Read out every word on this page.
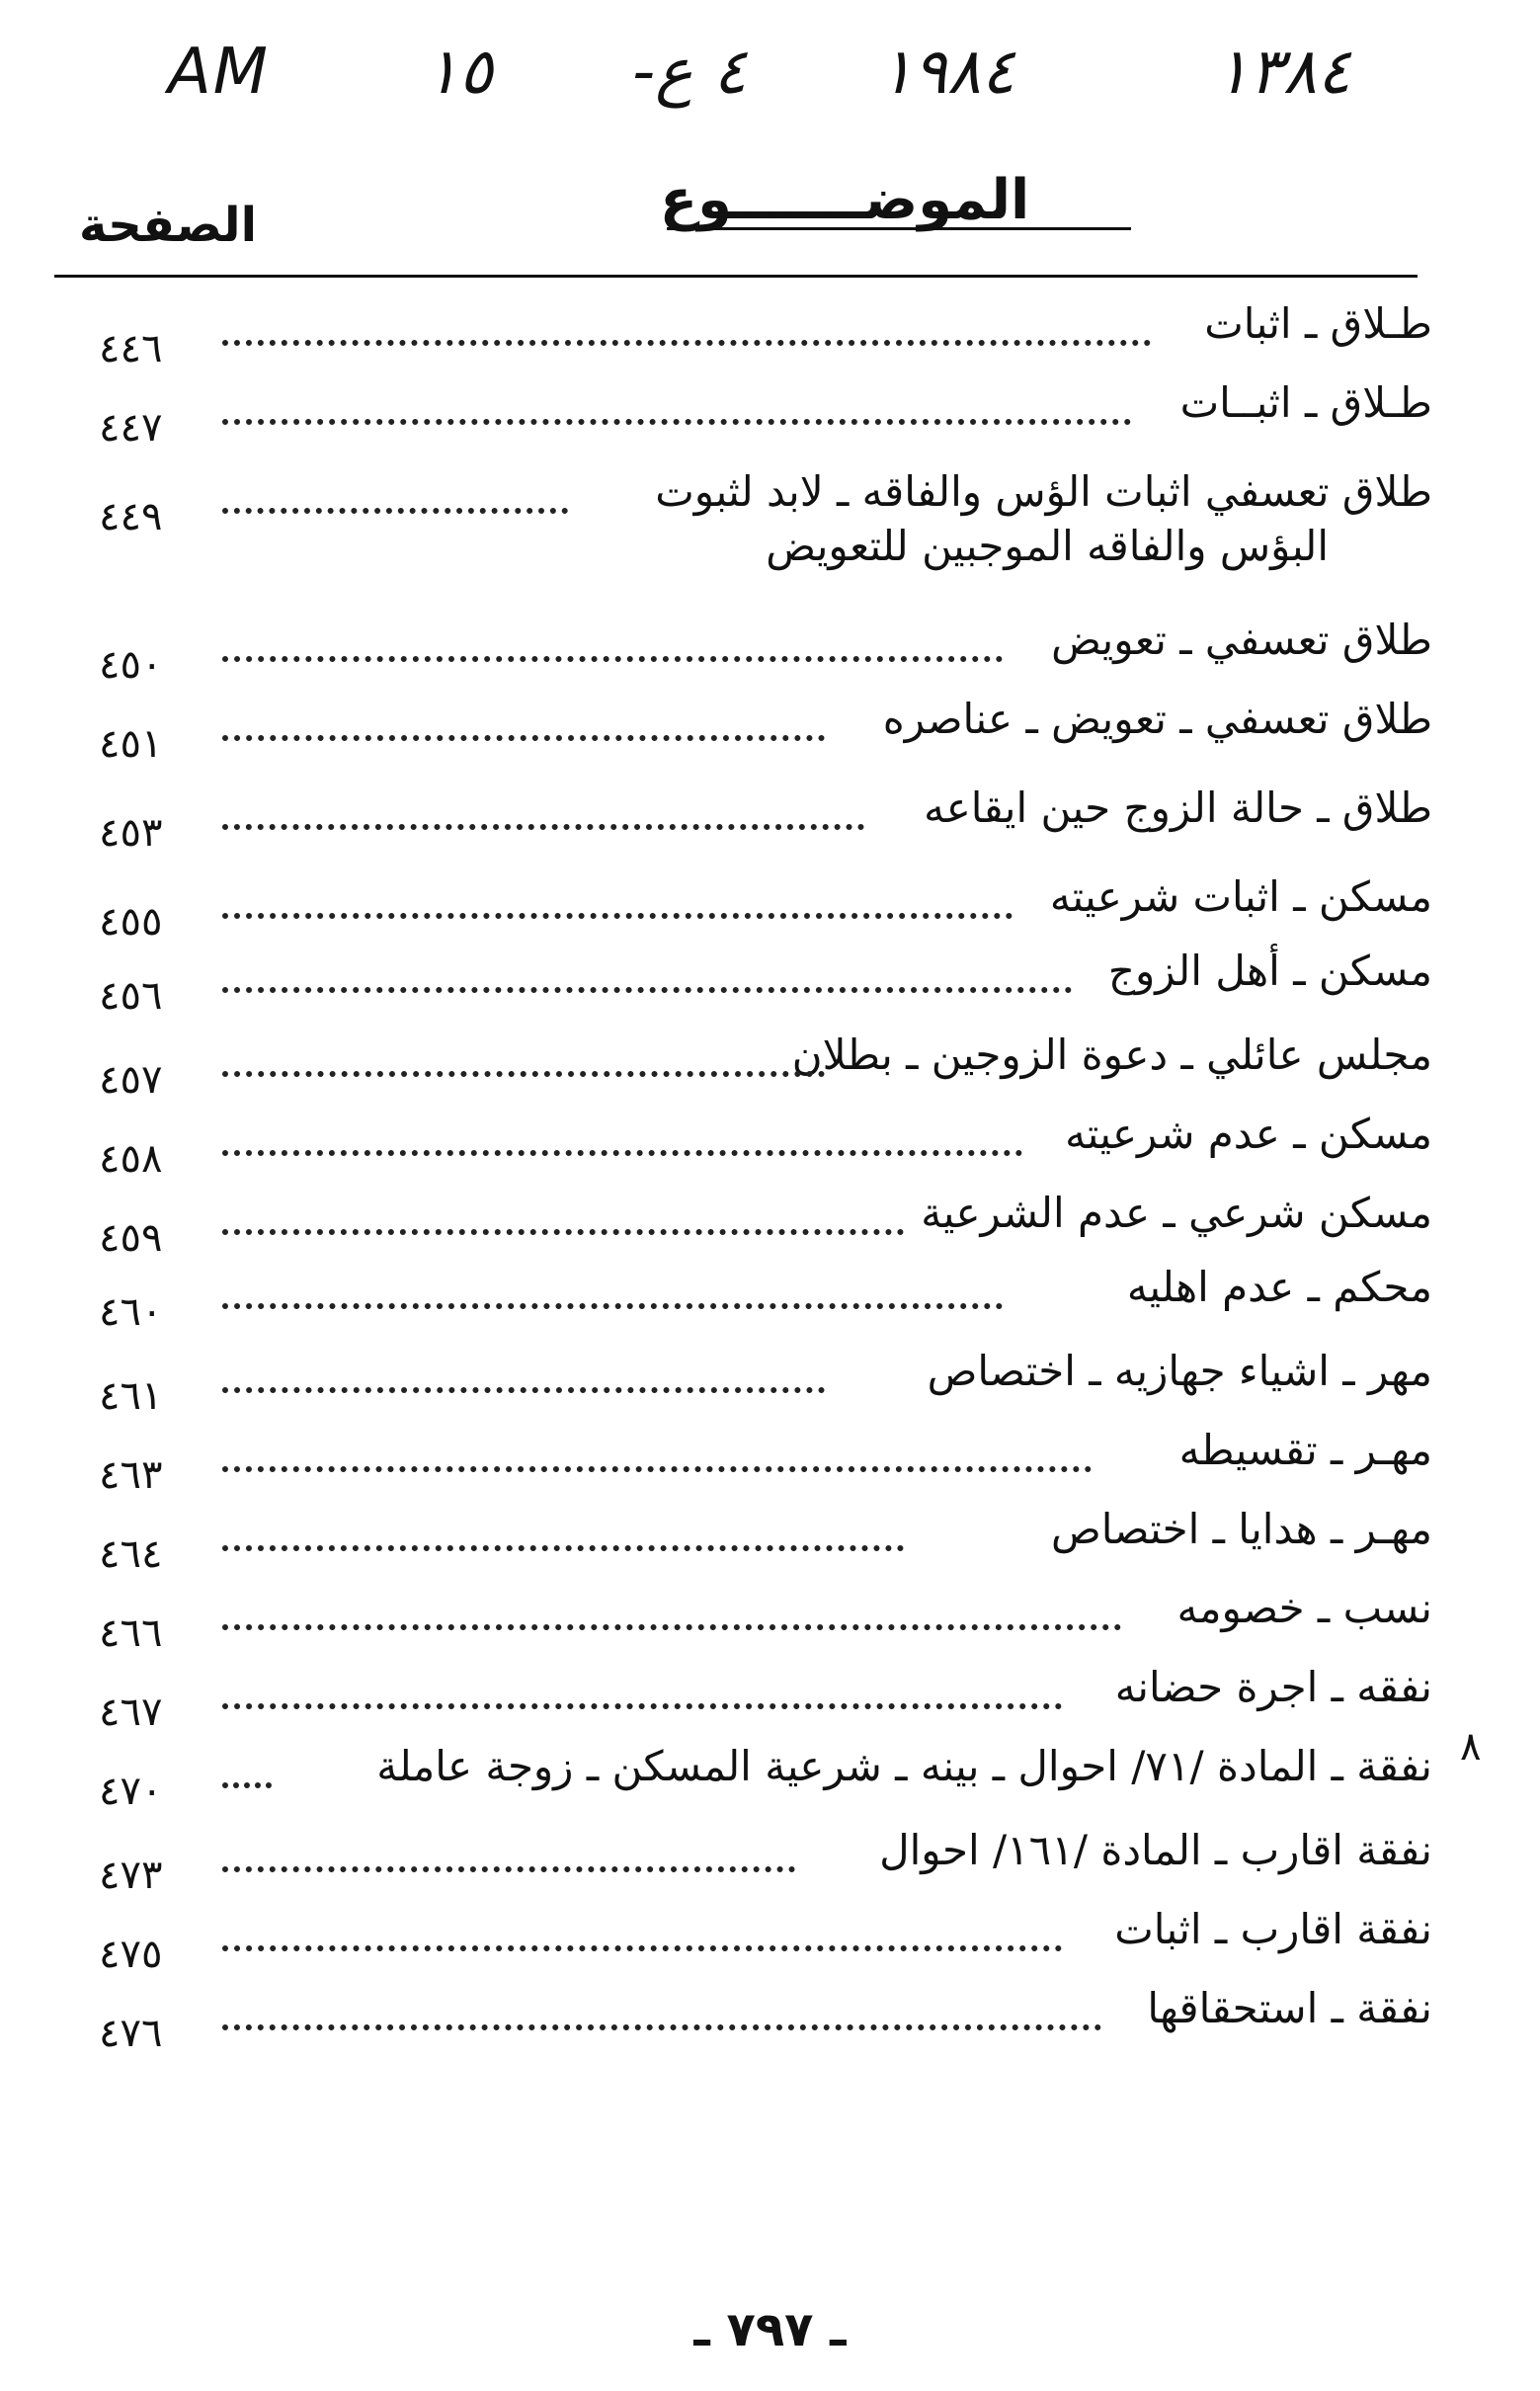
AM ١٥ -٤ ع ١٩٨٤	١٣٨٤
الموضـــــــوع
الصفحة
طـلاق ـ اثبات
٤٤٦
طـلاق ـ اثبــات
٤٤٧
طلاق تعسفي اثبات الؤس والفاقه ـ لابد لثبوت
البؤس والفاقه الموجبين للتعويض
٤٤٩
طلاق تعسفي ـ تعويض
٤٥٠
طلاق تعسفي ـ تعويض ـ عناصره
٤٥١
طلاق ـ حالة الزوج حين ايقاعه
٤٥٣
مسكن ـ اثبات شرعيته
٤٥٥
مسكن ـ أهل الزوج
٤٥٦
مجلس عائلي ـ دعوة الزوجين ـ بطلان
٤٥٧
مسكن ـ عدم شرعيته
٤٥٨
مسكن شرعي ـ عدم الشرعية
٤٥٩
محكم ـ عدم اهليه
٤٦٠
مهر ـ اشياء جهازيه ـ اختصاص
٤٦١
مهـر ـ تقسيطه
٤٦٣
مهـر ـ هدايا ـ اختصاص
٤٦٤
نسب ـ خصومه
٤٦٦
نفقه ـ اجرة حضانه
٤٦٧
نفقة ـ المادة /٧١/ احوال ـ بينه ـ شرعية المسكن ـ زوجة عاملة
٤٧٠
نفقة اقارب ـ المادة /١٦١/ احوال
٤٧٣
نفقة اقارب ـ اثبات
٤٧٥
نفقة ـ استحقاقها
٤٧٦
٨
ـ ٧٩٧ ـ
